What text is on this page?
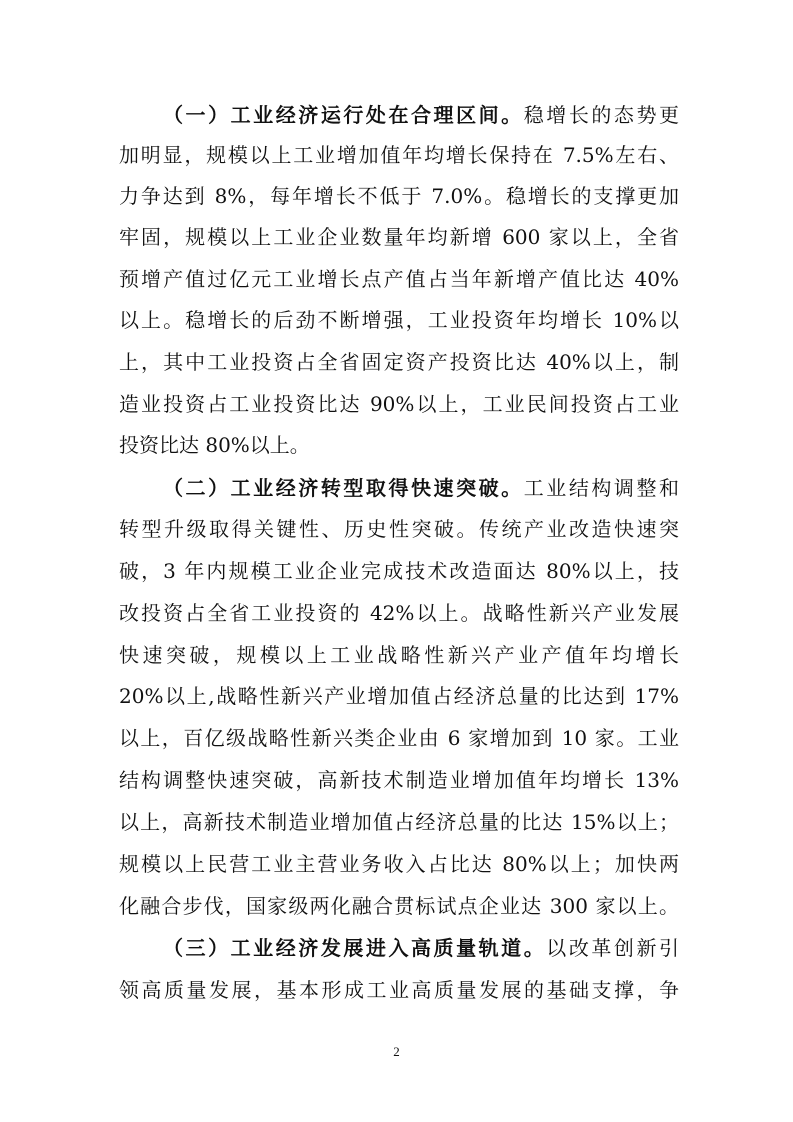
（一）工业经济运行处在合理区间。稳增长的态势更
加明显，规模以上工业增加值年均增长保持在 7.5%左右、
力争达到 8%，每年增长不低于 7.0%。稳增长的支撑更加
牢固，规模以上工业企业数量年均新增 600 家以上，全省
预增产值过亿元工业增长点产值占当年新增产值比达 40%
以上。稳增长的后劲不断增强，工业投资年均增长 10%以
上，其中工业投资占全省固定资产投资比达 40%以上，制
造业投资占工业投资比达 90%以上，工业民间投资占工业
投资比达 80%以上。
（二）工业经济转型取得快速突破。工业结构调整和
转型升级取得关键性、历史性突破。传统产业改造快速突
破，3 年内规模工业企业完成技术改造面达 80%以上，技
改投资占全省工业投资的 42%以上。战略性新兴产业发展
快速突破，规模以上工业战略性新兴产业产值年均增长
20%以上,战略性新兴产业增加值占经济总量的比达到 17%
以上，百亿级战略性新兴类企业由 6 家增加到 10 家。工业
结构调整快速突破，高新技术制造业增加值年均增长 13%
以上，高新技术制造业增加值占经济总量的比达 15%以上；
规模以上民营工业主营业务收入占比达 80%以上；加快两
化融合步伐，国家级两化融合贯标试点企业达 300 家以上。
（三）工业经济发展进入高质量轨道。以改革创新引
领高质量发展，基本形成工业高质量发展的基础支撑，争
2
